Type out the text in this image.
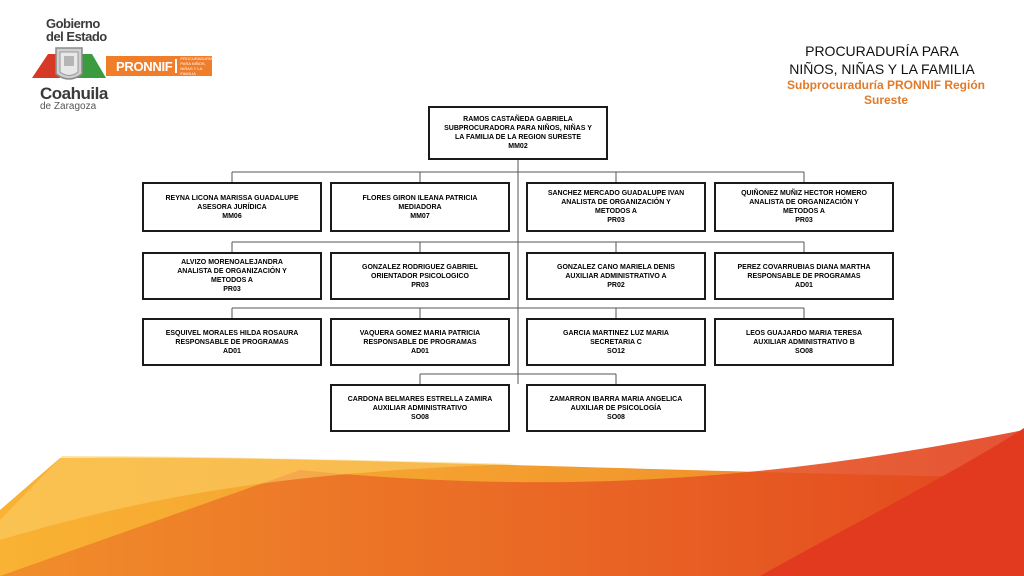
Gobierno
del Estado
Coahuila
de Zaragoza
PRONNIF PROCURADURÍA PARA NIÑOS, NIÑAS Y LA FAMILIA
PROCURADURÍA PARA
NIÑOS, NIÑAS Y LA FAMILIA
Subprocuraduría PRONNIF Región
Sureste
RAMOS CASTAÑEDA GABRIELA
SUBPROCURADORA PARA NIÑOS, NIÑAS Y
LA FAMILIA DE LA REGION SURESTE
MM02
REYNA LICONA MARISSA GUADALUPE
ASESORA JURÍDICA
MM06
FLORES GIRON ILEANA PATRICIA
MEDIADORA
MM07
SANCHEZ MERCADO GUADALUPE IVAN
ANALISTA DE ORGANIZACIÓN Y
METODOS A
PR03
QUIÑONEZ MUÑIZ HECTOR HOMERO
ANALISTA DE ORGANIZACIÓN Y
METODOS A
PR03
ALVIZO MORENOALEJANDRA
ANALISTA DE ORGANIZACIÓN Y
METODOS A
PR03
GONZALEZ RODRIGUEZ GABRIEL
ORIENTADOR PSICOLOGICO
PR03
GONZALEZ CANO MARIELA DENIS
AUXILIAR ADMINISTRATIVO A
PR02
PEREZ COVARRUBIAS DIANA MARTHA
RESPONSABLE DE PROGRAMAS
AD01
ESQUIVEL MORALES HILDA ROSAURA
RESPONSABLE DE PROGRAMAS
AD01
VAQUERA GOMEZ MARIA PATRICIA
RESPONSABLE DE PROGRAMAS
AD01
GARCIA MARTINEZ LUZ MARIA
SECRETARIA C
SO12
LEOS GUAJARDO MARIA TERESA
AUXILIAR ADMINISTRATIVO B
SO08
CARDONA BELMARES ESTRELLA ZAMIRA
AUXILIAR ADMINISTRATIVO
SO08
ZAMARRON IBARRA MARIA ANGELICA
AUXILIAR DE PSICOLOGÍA
SO08
